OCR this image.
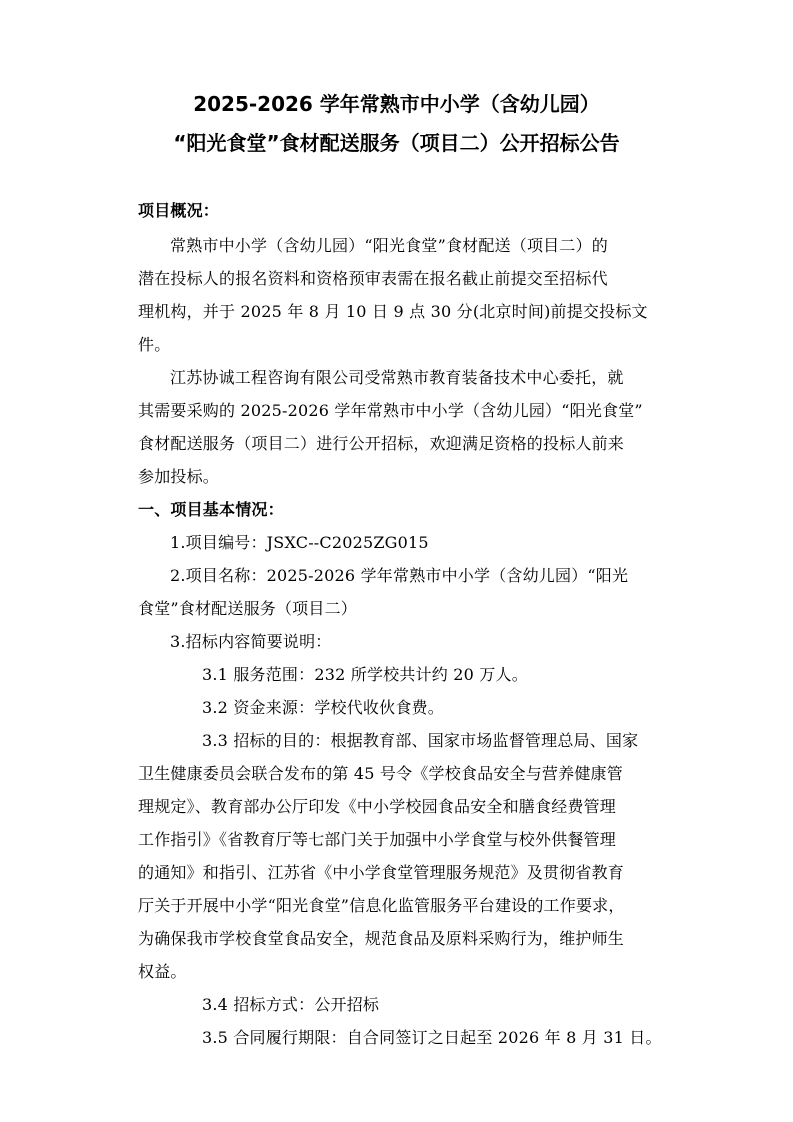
2025-2026 学年常熟市中小学（含幼儿园）
“阳光食堂”食材配送服务（项目二）公开招标公告
项目概况：
常熟市中小学（含幼儿园）“阳光食堂”食材配送（项目二）的
潜在投标人的报名资料和资格预审表需在报名截止前提交至招标代
理机构，并于 2025 年 8 月 10 日 9 点 30 分(北京时间)前提交投标文
件。
江苏协诚工程咨询有限公司受常熟市教育装备技术中心委托，就
其需要采购的 2025-2026 学年常熟市中小学（含幼儿园）“阳光食堂”
食材配送服务（项目二）进行公开招标，欢迎满足资格的投标人前来
参加投标。
一、项目基本情况：
1.项目编号：JSXC--C2025ZG015
2.项目名称：2025-2026 学年常熟市中小学（含幼儿园）“阳光
食堂”食材配送服务（项目二）
3.招标内容简要说明：
3.1 服务范围：232 所学校共计约 20 万人。
3.2 资金来源：学校代收伙食费。
3.3 招标的目的：根据教育部、国家市场监督管理总局、国家
卫生健康委员会联合发布的第 45 号令《学校食品安全与营养健康管
理规定》、教育部办公厅印发《中小学校园食品安全和膳食经费管理
工作指引》《省教育厅等七部门关于加强中小学食堂与校外供餐管理
的通知》和指引、江苏省《中小学食堂管理服务规范》及贯彻省教育
厅关于开展中小学“阳光食堂”信息化监管服务平台建设的工作要求，
为确保我市学校食堂食品安全，规范食品及原料采购行为，维护师生
权益。
3.4 招标方式：公开招标
3.5 合同履行期限：自合同签订之日起至 2026 年 8 月 31 日。
